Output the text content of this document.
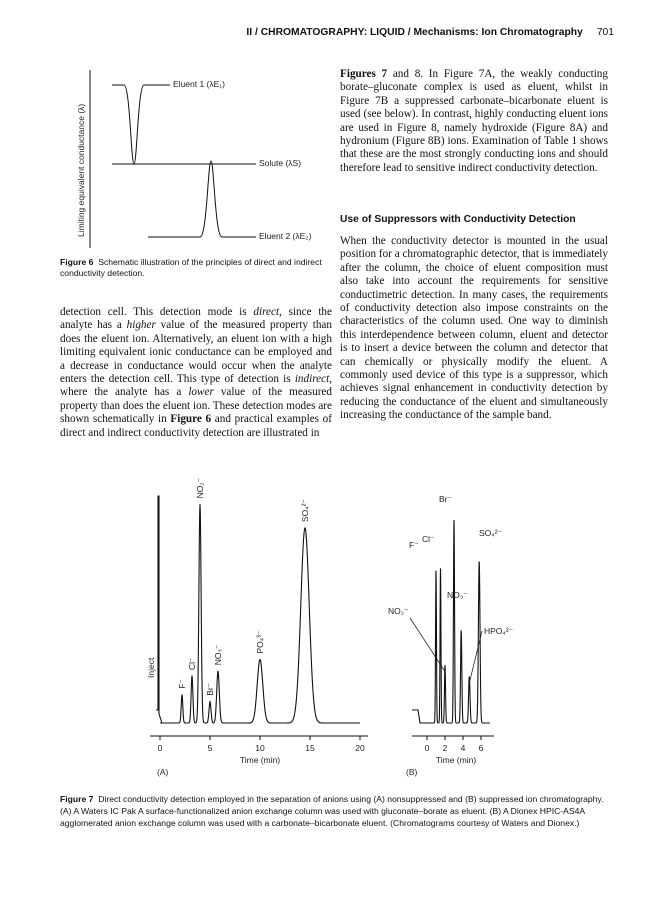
II / CHROMATOGRAPHY: LIQUID / Mechanisms: Ion Chromatography 701
Limiting equivalent conductance (λ)
Eluent 1 (λE₁)
Solute (λS)
Eluent 2 (λE₂)
Figure 6 Schematic illustration of the principles of direct and indirect conductivity detection.

detection cell. This detection mode is direct, since the analyte has a higher value of the measured property than does the eluent ion. Alternatively, an eluent ion with a high limiting equivalent ionic conductance can be employed and a decrease in conductance would occur when the analyte enters the detection cell. This type of detection is indirect, where the analyte has a lower value of the measured property than does the eluent ion. These detection modes are shown schematically in Figure 6 and practical examples of direct and indirect conductivity detection are illustrated in

Figures 7 and 8. In Figure 7A, the weakly conducting borate–gluconate complex is used as eluent, whilst in Figure 7B a suppressed carbonate–bicarbonate eluent is used (see below). In contrast, highly conducting eluent ions are used in Figure 8, namely hydroxide (Figure 8A) and hydronium (Figure 8B) ions. Examination of Table 1 shows that these are the most strongly conducting ions and should therefore lead to sensitive indirect conductivity detection.

Use of Suppressors with Conductivity Detection

When the conductivity detector is mounted in the usual position for a chromatographic detector, that is immediately after the column, the choice of eluent composition must also take into account the requirements for sensitive conductimetric detection. In many cases, the requirements of conductivity detection also impose constraints on the characteristics of the column used. One way to diminish this interdependence between column, eluent and detector is to insert a device between the column and detector that can chemically or physically modify the eluent. A commonly used device of this type is a suppressor, which achieves signal enhancement in conductivity detection by reducing the conductance of the eluent and simultaneously increasing the conductance of the sample band.

0	5	10	15	20
Time (min)
Inject
F⁻
Cl⁻
NO₂⁻
Br⁻
NO₃⁻
PO₄³⁻
SO₄²⁻
(A)
0 2 4 6
Time (min)
F⁻
Cl⁻
NO₂⁻
Br⁻
NO₃⁻
HPO₄²⁻
SO₄²⁻
(B)
Figure 7 Direct conductivity detection employed in the separation of anions using (A) nonsuppressed and (B) suppressed ion chromatography. (A) A Waters IC Pak A surface-functionalized anion exchange column was used with gluconate–borate as eluent. (B) A Dionex HPIC-AS4A agglomerated anion exchange column was used with a carbonate–bicarbonate eluent. (Chromatograms courtesy of Waters and Dionex.)
